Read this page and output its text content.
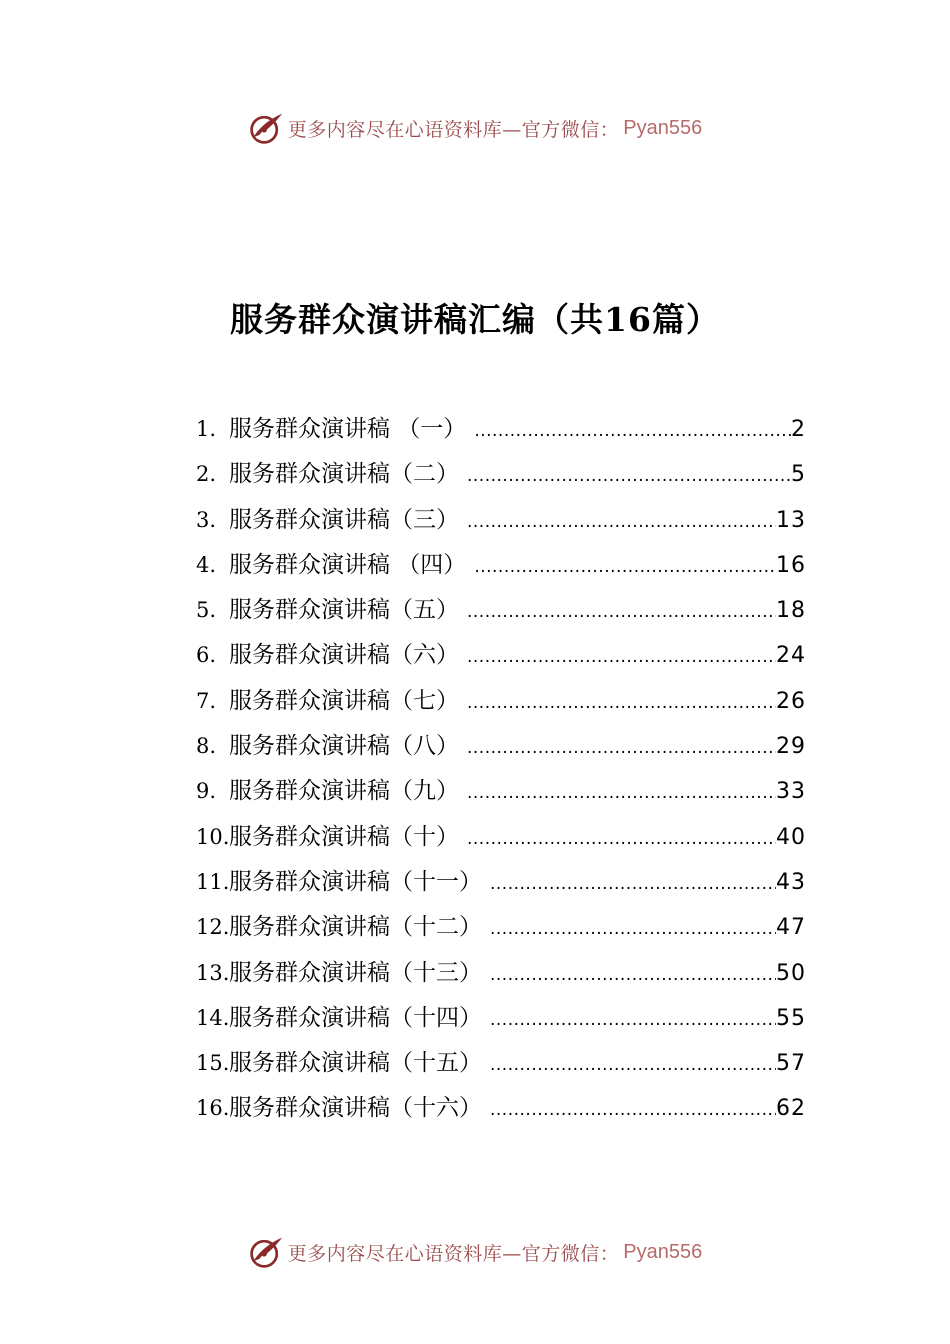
更多内容尽在心语资料库—官方微信： Pyan556
服务群众演讲稿汇编（共16篇）
1. 服务群众演讲稿 （一） .....	2
2. 服务群众演讲稿（二） .....	5
3. 服务群众演讲稿（三） .....	13
4. 服务群众演讲稿 （四） .....	16
5. 服务群众演讲稿（五） .....	18
6. 服务群众演讲稿（六） .....	24
7. 服务群众演讲稿（七） .....	26
8. 服务群众演讲稿（八） .....	29
9. 服务群众演讲稿（九） .....	33
10. 服务群众演讲稿（十） .....	40
11. 服务群众演讲稿（十一） .....	43
12. 服务群众演讲稿（十二） .....	47
13. 服务群众演讲稿（十三） .....	50
14. 服务群众演讲稿（十四） .....	55
15. 服务群众演讲稿（十五） .....	57
16. 服务群众演讲稿（十六） .....	62
更多内容尽在心语资料库—官方微信： Pyan556
